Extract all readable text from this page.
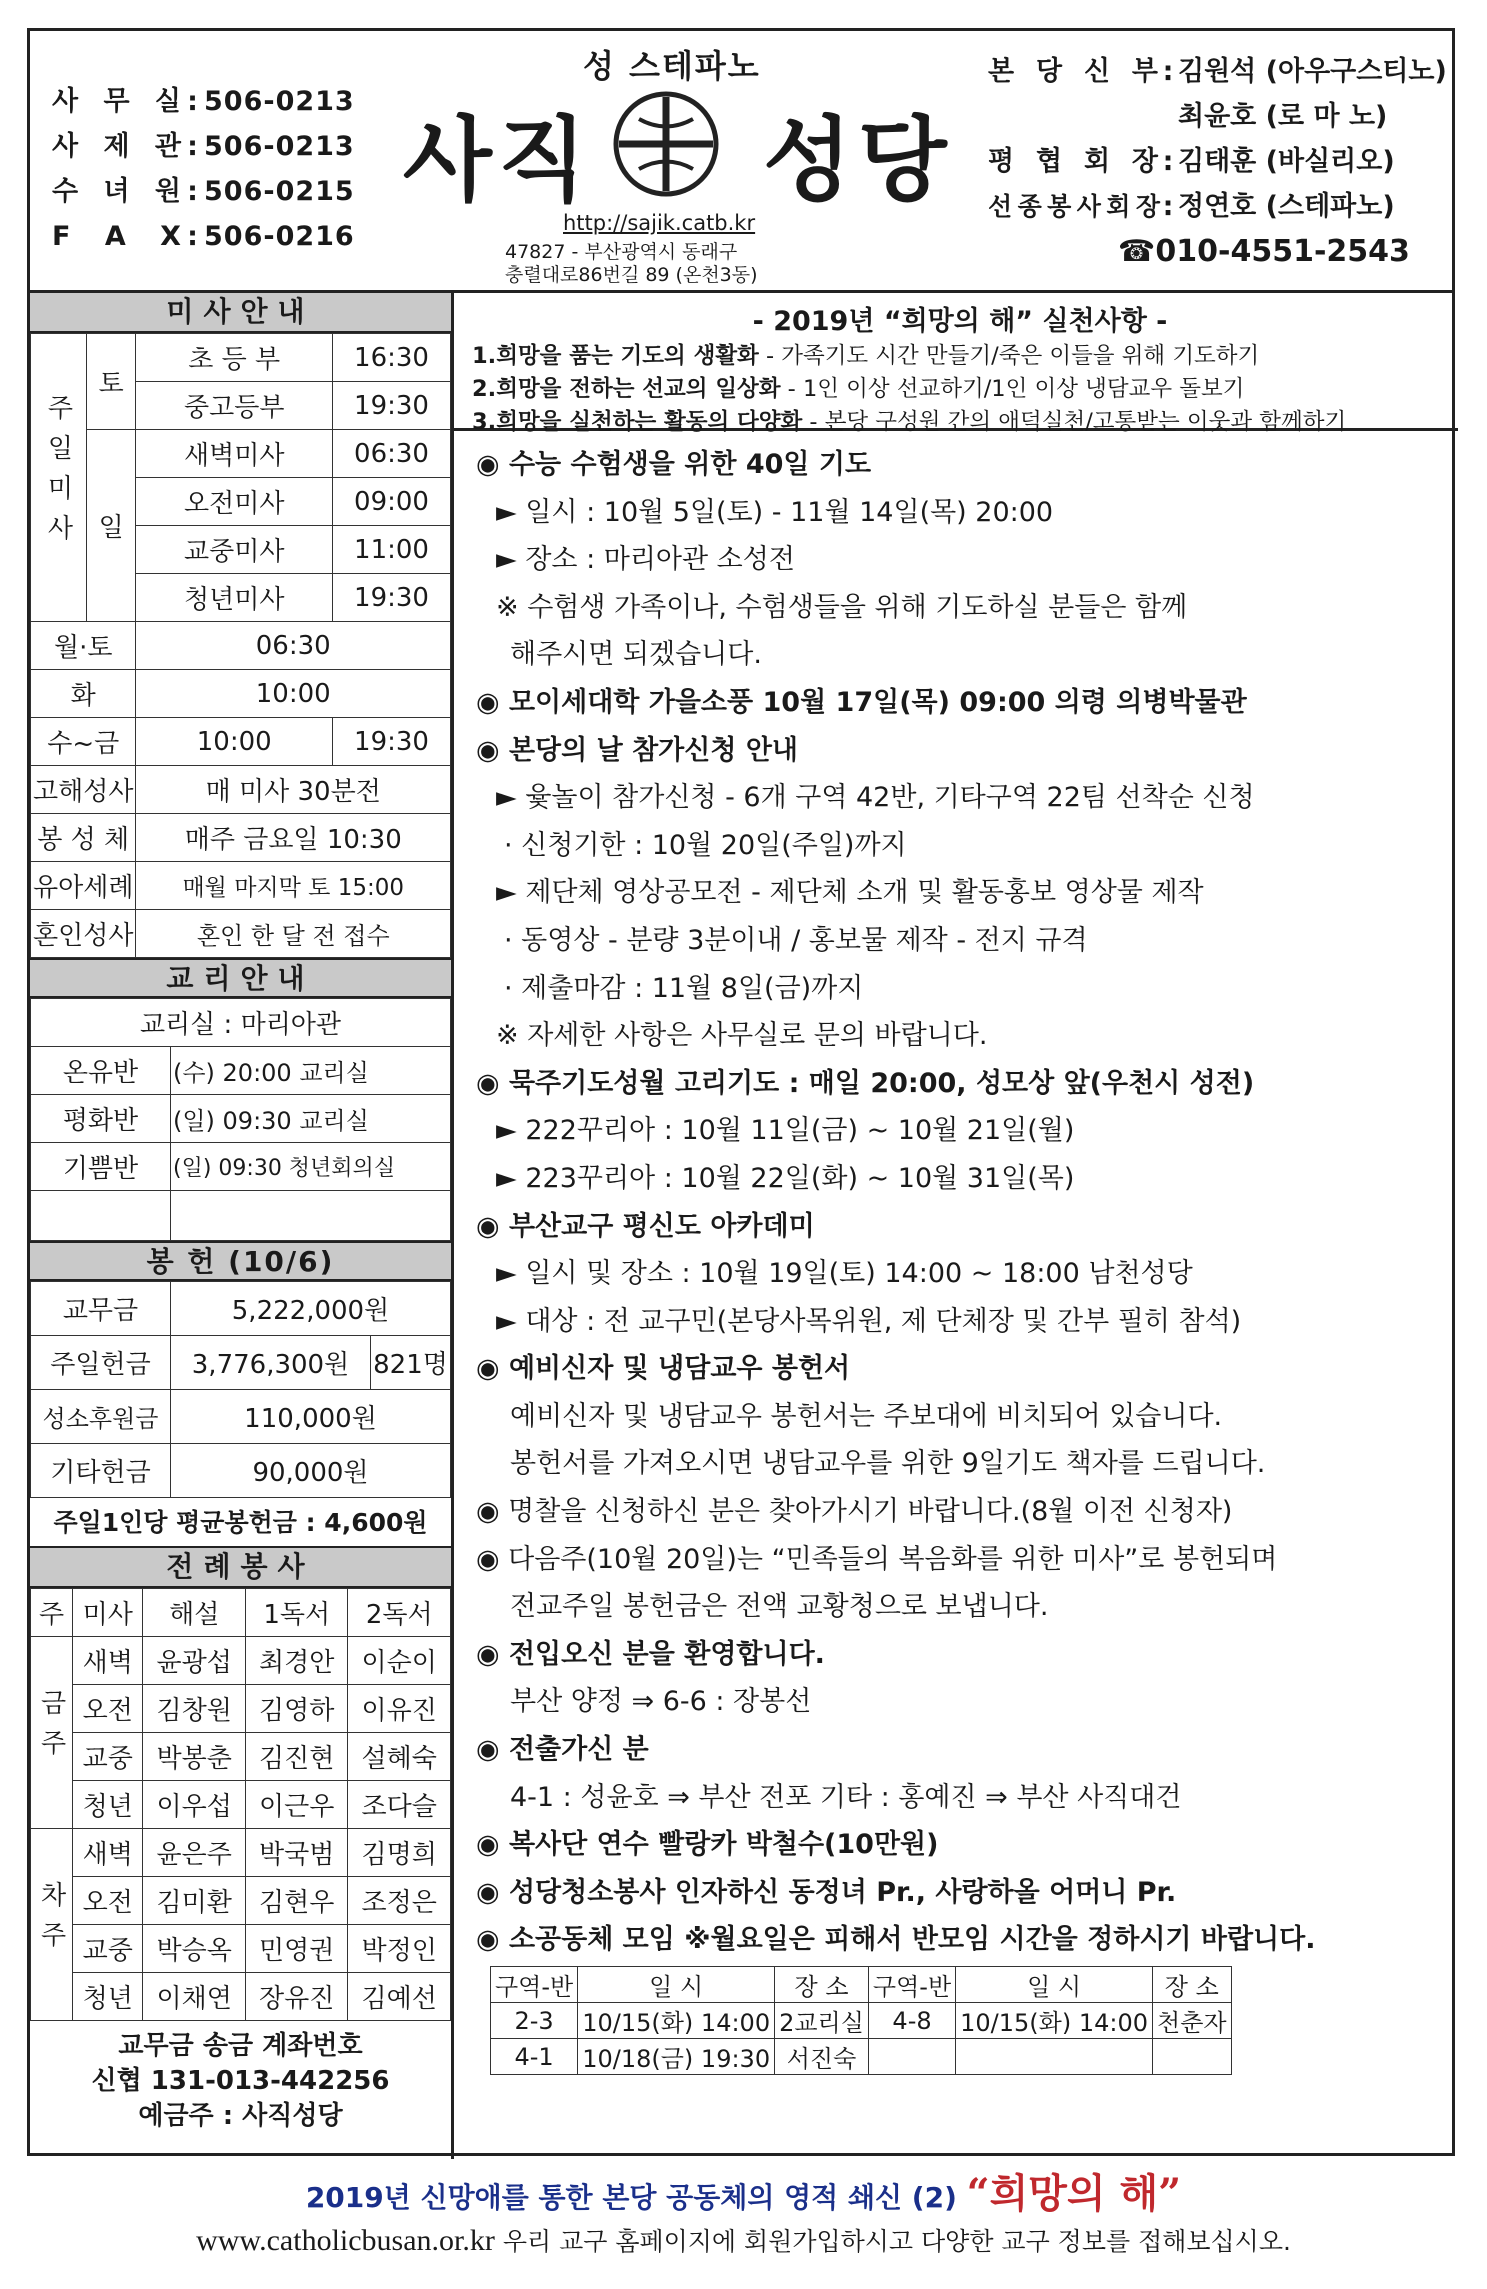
사 무 실 : 506-0213
사 제 관 : 506-0213
수 녀 원 : 506-0215
F A X : 506-0216
성 스테파노
사직 성당
http://sajik.catb.kr
47827 - 부산광역시 동래구
충렬대로86번길 89 (온천3동)
본 당 신 부 : 김원석 (아우구스티노)
최윤호 (로 마 노)
평 협 회 장 : 김태훈 (바실리오)
선 종 봉 사 회 장 : 정연호 (스테파노)
☎010-4551-2543
미사안내
주일미사	토	초 등 부	16:30
		중고등부	19:30
	일	새벽미사	06:30
		오전미사	09:00
		교중미사	11:00
		청년미사	19:30
월·토		06:30	
화		10:00	
수~금		10:00	19:30
고해성사		매 미사 30분전	
봉 성 체		매주 금요일 10:30	
유아세례		매월 마지막 토 15:00	
혼인성사		혼인 한 달 전 접수	
교리안내
교리실 : 마리아관	
온유반	(수) 20:00 교리실
평화반	(일) 09:30 교리실
기쁨반	(일) 09:30 청년회의실

봉 헌 (10/6)
교무금	5,222,000원	
주일헌금	3,776,300원	821명
성소후원금	110,000원	
기타헌금	90,000원	
주일1인당 평균봉헌금 : 4,600원
전례봉사
주	미사	해설	1독서	2독서
금주	새벽	윤광섭	최경안	이순이
	오전	김창원	김영하	이유진
	교중	박봉춘	김진현	설혜숙
	청년	이우섭	이근우	조다슬
차주	새벽	윤은주	박국범	김명희
	오전	김미환	김현우	조정은
	교중	박승옥	민영권	박정인
	청년	이채연	장유진	김예선
교무금 송금 계좌번호
신협 131-013-442256
예금주 : 사직성당
- 2019년 “희망의 해” 실천사항 -
1.희망을 품는 기도의 생활화 - 가족기도 시간 만들기/죽은 이들을 위해 기도하기
2.희망을 전하는 선교의 일상화 - 1인 이상 선교하기/1인 이상 냉담교우 돌보기
3.희망을 실천하는 활동의 다양화 - 본당 구성원 간의 애덕실천/고통받는 이웃과 함께하기
◉ 수능 수험생을 위한 40일 기도
► 일시 : 10월 5일(토) - 11월 14일(목) 20:00
► 장소 : 마리아관 소성전
※ 수험생 가족이나, 수험생들을 위해 기도하실 분들은 함께
해주시면 되겠습니다.
◉ 모이세대학 가을소풍 10월 17일(목) 09:00 의령 의병박물관
◉ 본당의 날 참가신청 안내
► 윷놀이 참가신청 - 6개 구역 42반, 기타구역 22팀 선착순 신청
· 신청기한 : 10월 20일(주일)까지
► 제단체 영상공모전 - 제단체 소개 및 활동홍보 영상물 제작
· 동영상 - 분량 3분이내 / 홍보물 제작 - 전지 규격
· 제출마감 : 11월 8일(금)까지
※ 자세한 사항은 사무실로 문의 바랍니다.
◉ 묵주기도성월 고리기도 : 매일 20:00, 성모상 앞(우천시 성전)
► 222꾸리아 : 10월 11일(금) ~ 10월 21일(월)
► 223꾸리아 : 10월 22일(화) ~ 10월 31일(목)
◉ 부산교구 평신도 아카데미
► 일시 및 장소 : 10월 19일(토) 14:00 ~ 18:00 남천성당
► 대상 : 전 교구민(본당사목위원, 제 단체장 및 간부 필히 참석)
◉ 예비신자 및 냉담교우 봉헌서
예비신자 및 냉담교우 봉헌서는 주보대에 비치되어 있습니다.
봉헌서를 가져오시면 냉담교우를 위한 9일기도 책자를 드립니다.
◉ 명찰을 신청하신 분은 찾아가시기 바랍니다.(8월 이전 신청자)
◉ 다음주(10월 20일)는 “민족들의 복음화를 위한 미사”로 봉헌되며
전교주일 봉헌금은 전액 교황청으로 보냅니다.
◉ 전입오신 분을 환영합니다.
부산 양정 ⇒ 6-6 : 장봉선
◉ 전출가신 분
4-1 : 성윤호 ⇒ 부산 전포 기타 : 홍예진 ⇒ 부산 사직대건
◉ 복사단 연수 빨랑카 박철수(10만원)
◉ 성당청소봉사 인자하신 동정녀 Pr., 사랑하올 어머니 Pr.
◉ 소공동체 모임 ※월요일은 피해서 반모임 시간을 정하시기 바랍니다.
구역-반	일 시	장 소	구역-반	일 시	장 소
2-3	10/15(화) 14:00	2교리실	4-8	10/15(화) 14:00	천춘자
4-1	10/18(금) 19:30	서진숙			
2019년 신망애를 통한 본당 공동체의 영적 쇄신 (2) “희망의 해”
www.catholicbusan.or.kr 우리 교구 홈페이지에 회원가입하시고 다양한 교구 정보를 접해보십시오.
